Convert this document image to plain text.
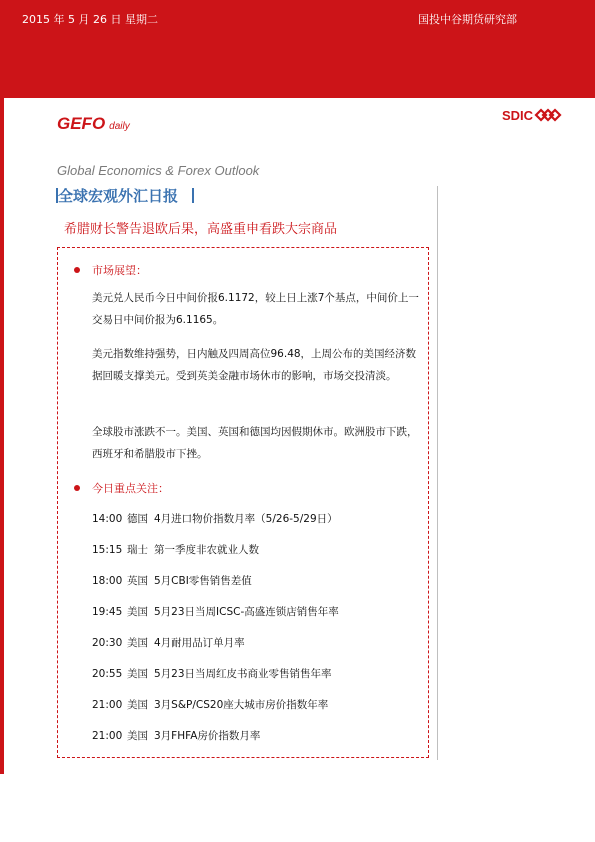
2015 年 5 月 26 日 星期二	国投中谷期货研究部
GEFO daily
SDIC
Global Economics & Forex Outlook
全球宏观外汇日报
希腊财长警告退欧后果，高盛重申看跌大宗商品
市场展望：
美元兑人民币今日中间价报6.1172，较上日上涨7个基点，中间价上一交易日中间价报为6.1165。
美元指数维持强势，日内触及四周高位96.48，上周公布的美国经济数据回暖支撑美元。受到英美金融市场休市的影响，市场交投清淡。
全球股市涨跌不一。美国、英国和德国均因假期休市。欧洲股市下跌，西班牙和希腊股市下挫。
今日重点关注：
14:00 德国 4月进口物价指数月率（5/26-5/29日）
15:15 瑞士 第一季度非农就业人数
18:00 英国 5月CBI零售销售差值
19:45 美国 5月23日当周ICSC-高盛连锁店销售年率
20:30 美国 4月耐用品订单月率
20:55 美国 5月23日当周红皮书商业零售销售年率
21:00 美国 3月S&P/CS20座大城市房价指数年率
21:00 美国 3月FHFA房价指数月率
